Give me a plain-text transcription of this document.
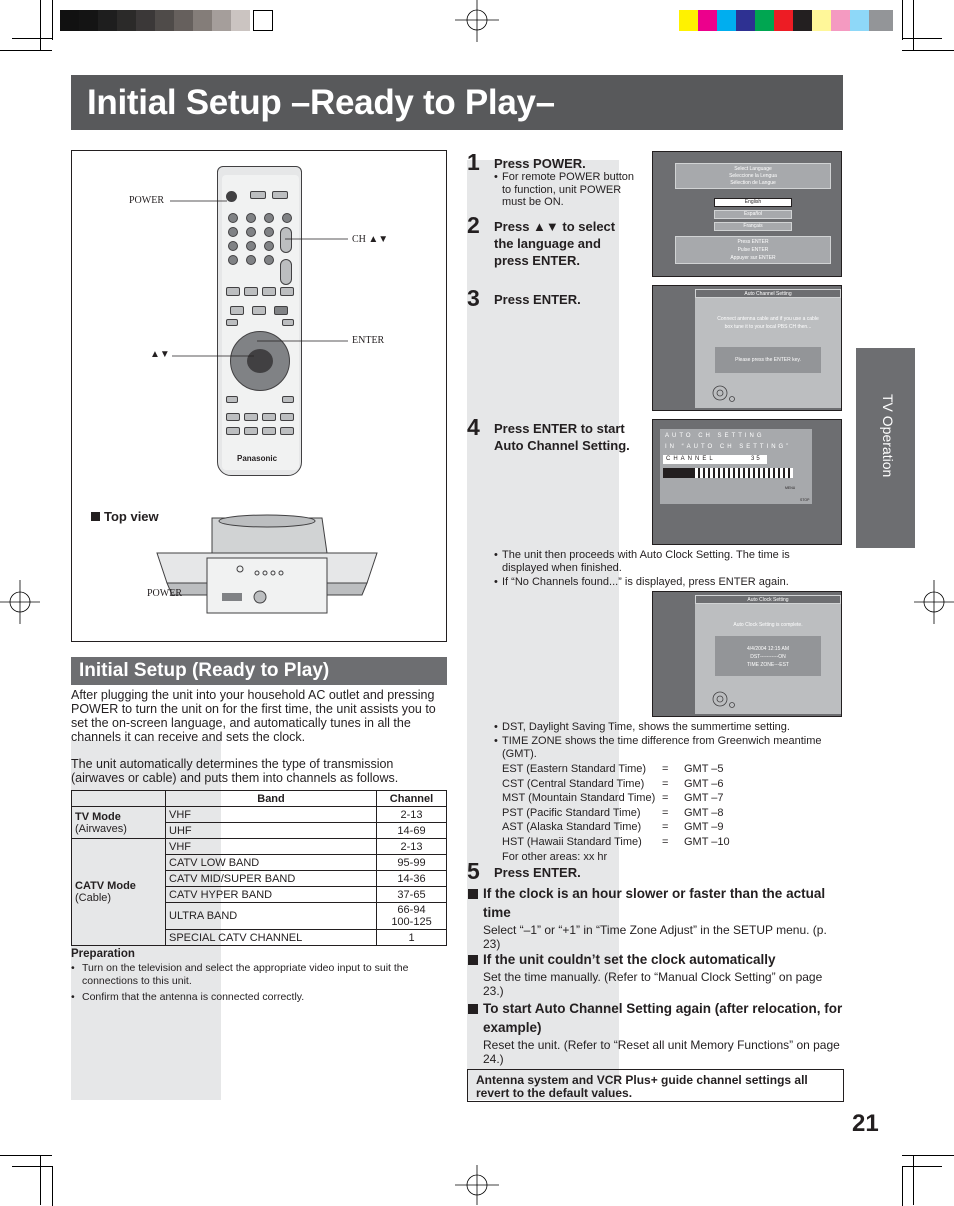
Initial Setup –Ready to Play–
TV Operation
Panasonic
POWER
CH ▲▼
ENTER
▲▼
Top view
POWER
Initial Setup (Ready to Play)
After plugging the unit into your household AC outlet and pressing POWER to turn the unit on for the first time, the unit assists you to set the on-screen language, and automatically tunes in all the channels it can receive and sets the clock.
The unit automatically determines the type of transmission (airwaves or cable) and puts them into channels as follows.
	Band	Channel
TV Mode
(Airwaves)	VHF	2-13
	UHF	14-69
CATV Mode
(Cable)	VHF	2-13
	CATV LOW BAND	95-99
	CATV MID/SUPER BAND	14-36
	CATV HYPER BAND	37-65
	ULTRA BAND	66-94
100-125
	SPECIAL CATV CHANNEL	1
Preparation
• Turn on the television and select the appropriate video input to suit the connections to this unit.
• Confirm that the antenna is connected correctly.
1 Press POWER.
• For remote POWER button to function, unit POWER must be ON.
2 Press ▲▼ to select the language and press ENTER.
3 Press ENTER.
4 Press ENTER to start Auto Channel Setting.
Select Language
Seleccione la Lengua
Sélection de Langue
English
Español
Français
Press ENTER
Pulse ENTER
Appuyer sur ENTER
Auto Channel Setting
Connect antenna cable and if you use a cable box tune it to your local PBS CH then...
Please press the ENTER key.
AUTO CH SETTING
IN “AUTO CH SETTING”
CHANNEL	35
MENU
STOP
• The unit then proceeds with Auto Clock Setting. The time is displayed when finished.
• If “No Channels found...” is displayed, press ENTER again.
Auto Clock Setting
Auto Clock Setting is complete.
4/4/2004 12:15 AM
DST-----------ON
TIME ZONE---EST
• DST, Daylight Saving Time, shows the summertime setting.
• TIME ZONE shows the time difference from Greenwich meantime (GMT).
EST (Eastern Standard Time) = GMT –5
CST (Central Standard Time) = GMT –6
MST (Mountain Standard Time) = GMT –7
PST (Pacific Standard Time) = GMT –8
AST (Alaska Standard Time) = GMT –9
HST (Hawaii Standard Time) = GMT –10
For other areas: xx hr
5 Press ENTER.
If the clock is an hour slower or faster than the actual time
Select “–1” or “+1” in “Time Zone Adjust” in the SETUP menu. (p. 23)
If the unit couldn’t set the clock automatically
Set the time manually. (Refer to “Manual Clock Setting” on page 23.)
To start Auto Channel Setting again (after relocation, for example)
Reset the unit. (Refer to “Reset all unit Memory Functions” on page 24.)
Antenna system and VCR Plus+ guide channel settings all revert to the default values.
21
